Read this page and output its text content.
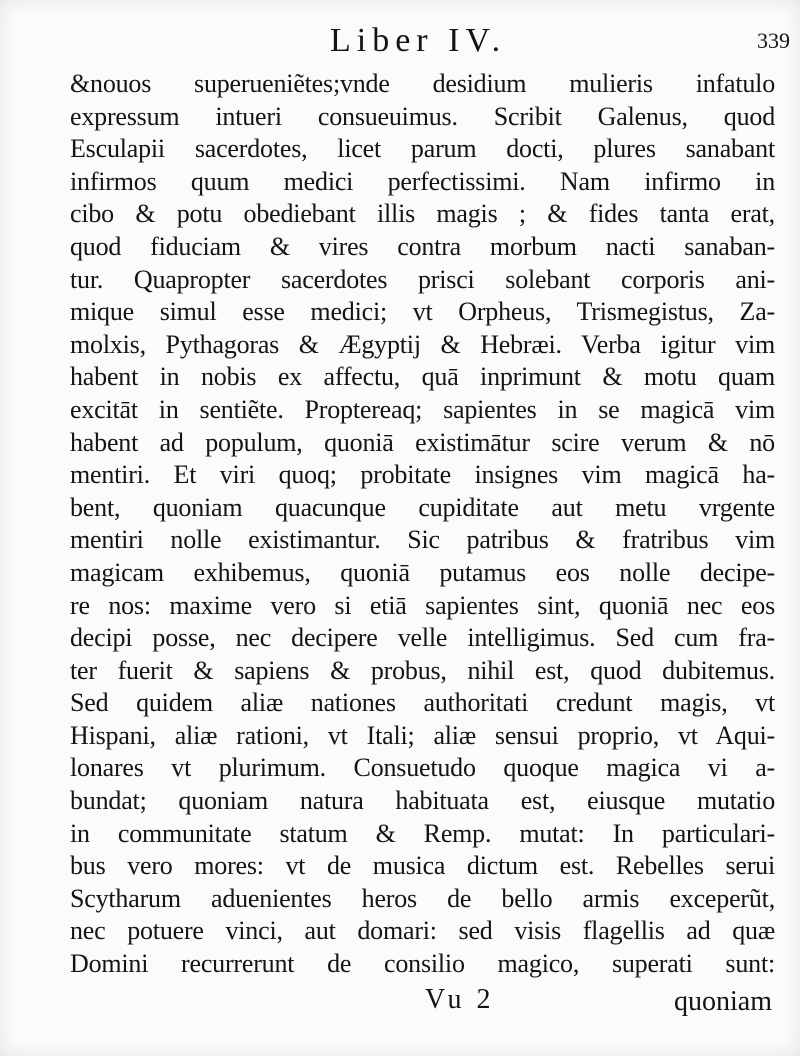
Liber IV.	339
&nouos superueniẽtes;vnde desidium mulieris infatulo
expressum intueri consueuimus. Scribit Galenus, quod
Esculapii sacerdotes, licet parum docti, plures sanabant
infirmos quum medici perfectissimi. Nam infirmo in
cibo & potu obediebant illis magis ; & fides tanta erat,
quod fiduciam & vires contra morbum nacti sanaban-
tur. Quapropter sacerdotes prisci solebant corporis ani-
mique simul esse medici; vt Orpheus, Trismegistus, Za-
molxis, Pythagoras & Ægyptij & Hebræi. Verba igitur vim
habent in nobis ex affectu, quā inprimunt & motu quam
excitāt in sentiẽte. Proptereaq; sapientes in se magicā vim
habent ad populum, quoniā existimātur scire verum & nō
mentiri. Et viri quoq; probitate insignes vim magicā ha-
bent, quoniam quacunque cupiditate aut metu vrgente
mentiri nolle existimantur. Sic patribus & fratribus vim
magicam exhibemus, quoniā putamus eos nolle decipe-
re nos: maxime vero si etiā sapientes sint, quoniā nec eos
decipi posse, nec decipere velle intelligimus. Sed cum fra-
ter fuerit & sapiens & probus, nihil est, quod dubitemus.
Sed quidem aliæ nationes authoritati credunt magis, vt
Hispani, aliæ rationi, vt Itali; aliæ sensui proprio, vt Aqui-
lonares vt plurimum. Consuetudo quoque magica vi a-
bundat; quoniam natura habituata est, eiusque mutatio
in communitate statum & Remp. mutat: In particulari-
bus vero mores: vt de musica dictum est. Rebelles serui
Scytharum aduenientes heros de bello armis exceperũt,
nec potuere vinci, aut domari: sed visis flagellis ad quæ
Domini recurrerunt de consilio magico, superati sunt:
Vu 2	quoniam
